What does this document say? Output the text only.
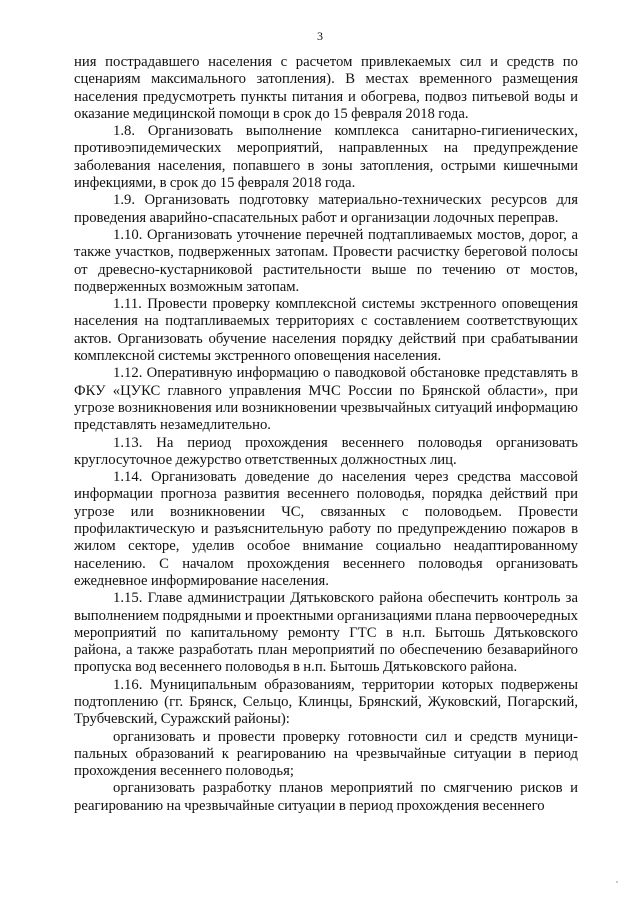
3

ния пострадавшего населения с расчетом привлекаемых сил и средств по сценариям максимального затопления). В местах временного размещения населения предусмотреть пункты питания и обогрева, подвоз питьевой воды и оказание медицинской помощи в срок до 15 февраля 2018 года.

1.8. Организовать выполнение комплекса санитарно-гигиенических, противоэпидемических мероприятий, направленных на предупреждение заболевания населения, попавшего в зоны затопления, острыми кишечными инфекциями, в срок до 15 февраля 2018 года.

1.9. Организовать подготовку материально-технических ресурсов для проведения аварийно-спасательных работ и организации лодочных переправ.

1.10. Организовать уточнение перечней подтапливаемых мостов, дорог, а также участков, подверженных затопам. Провести расчистку береговой полосы от древесно-кустарниковой растительности выше по течению от мостов, подверженных возможным затопам.

1.11. Провести проверку комплексной системы экстренного оповещения населения на подтапливаемых территориях с составлением соответствующих актов. Организовать обучение населения порядку действий при срабатывании комплексной системы экстренного оповещения населения.

1.12. Оперативную информацию о паводковой обстановке представлять в ФКУ «ЦУКС главного управления МЧС России по Брянской области», при угрозе возникновения или возникновении чрезвычайных ситуаций информацию представлять незамедлительно.

1.13. На период прохождения весеннего половодья организовать круглосуточное дежурство ответственных должностных лиц.

1.14. Организовать доведение до населения через средства массовой информации прогноза развития весеннего половодья, порядка действий при угрозе или возникновении ЧС, связанных с половодьем. Провести профилактическую и разъяснительную работу по предупреждению пожаров в жилом секторе, уделив особое внимание социально неадаптированному населению. С началом прохождения весеннего половодья организовать ежедневное информирование населения.

1.15. Главе администрации Дятьковского района обеспечить контроль за выполнением подрядными и проектными организациями плана первоочередных мероприятий по капитальному ремонту ГТС в н.п. Бытошь Дятьковского района, а также разработать план мероприятий по обеспечению безаварийного пропуска вод весеннего половодья в н.п. Бытошь Дятьковского района.

1.16. Муниципальным образованиям, территории которых подвержены подтоплению (гг. Брянск, Сельцо, Клинцы, Брянский, Жуковский, Погарский, Трубчевский, Суражский районы):

организовать и провести проверку готовности сил и средств муниципальных образований к реагированию на чрезвычайные ситуации в период прохождения весеннего половодья;

организовать разработку планов мероприятий по смягчению рисков и реагированию на чрезвычайные ситуации в период прохождения весеннего
